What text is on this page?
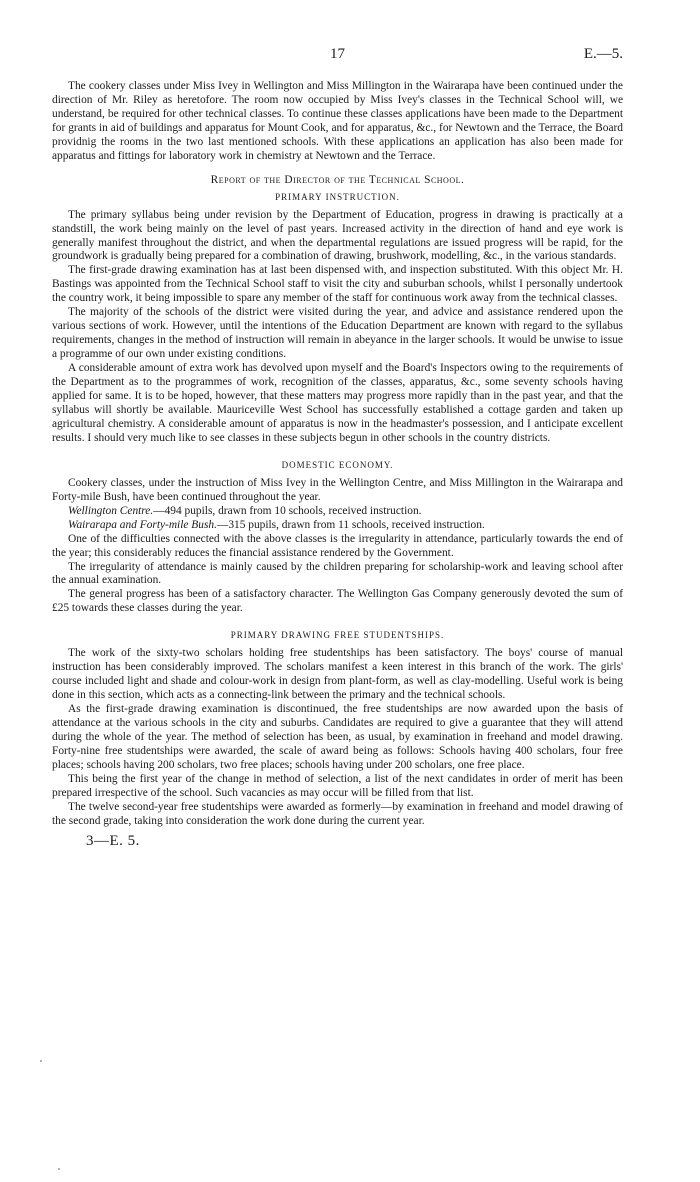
17	E.—5.

The cookery classes under Miss Ivey in Wellington and Miss Millington in the Wairarapa have been continued under the direction of Mr. Riley as heretofore. The room now occupied by Miss Ivey's classes in the Technical School will, we understand, be required for other technical classes. To continue these classes applications have been made to the Department for grants in aid of buildings and apparatus for Mount Cook, and for apparatus, &c., for Newtown and the Terrace, the Board providnig the rooms in the two last mentioned schools. With these applications an application has also been made for apparatus and fittings for laboratory work in chemistry at Newtown and the Terrace.

Report of the Director of the Technical School.
PRIMARY INSTRUCTION.

The primary syllabus being under revision by the Department of Education, progress in drawing is practically at a standstill, the work being mainly on the level of past years. Increased activity in the direction of hand and eye work is generally manifest throughout the district, and when the departmental regulations are issued progress will be rapid, for the groundwork is gradually being prepared for a combination of drawing, brushwork, modelling, &c., in the various standards.

The first-grade drawing examination has at last been dispensed with, and inspection substituted. With this object Mr. H. Bastings was appointed from the Technical School staff to visit the city and suburban schools, whilst I personally undertook the country work, it being impossible to spare any member of the staff for continuous work away from the technical classes.

The majority of the schools of the district were visited during the year, and advice and assistance rendered upon the various sections of work. However, until the intentions of the Education Department are known with regard to the syllabus requirements, changes in the method of instruction will remain in abeyance in the larger schools. It would be unwise to issue a programme of our own under existing conditions.

A considerable amount of extra work has devolved upon myself and the Board's Inspectors owing to the requirements of the Department as to the programmes of work, recognition of the classes, apparatus, &c., some seventy schools having applied for same. It is to be hoped, however, that these matters may progress more rapidly than in the past year, and that the syllabus will shortly be available. Mauriceville West School has successfully established a cottage garden and taken up agricultural chemistry. A considerable amount of apparatus is now in the headmaster's possession, and I anticipate excellent results. I should very much like to see classes in these subjects begun in other schools in the country districts.

DOMESTIC ECONOMY.

Cookery classes, under the instruction of Miss Ivey in the Wellington Centre, and Miss Millington in the Wairarapa and Forty-mile Bush, have been continued throughout the year.

Wellington Centre.—494 pupils, drawn from 10 schools, received instruction.

Wairarapa and Forty-mile Bush.—315 pupils, drawn from 11 schools, received instruction.

One of the difficulties connected with the above classes is the irregularity in attendance, particularly towards the end of the year; this considerably reduces the financial assistance rendered by the Government.

The irregularity of attendance is mainly caused by the children preparing for scholarship-work and leaving school after the annual examination.

The general progress has been of a satisfactory character. The Wellington Gas Company generously devoted the sum of £25 towards these classes during the year.

PRIMARY DRAWING FREE STUDENTSHIPS.

The work of the sixty-two scholars holding free studentships has been satisfactory. The boys' course of manual instruction has been considerably improved. The scholars manifest a keen interest in this branch of the work. The girls' course included light and shade and colour-work in design from plant-form, as well as clay-modelling. Useful work is being done in this section, which acts as a connecting-link between the primary and the technical schools.

As the first-grade drawing examination is discontinued, the free studentships are now awarded upon the basis of attendance at the various schools in the city and suburbs. Candidates are required to give a guarantee that they will attend during the whole of the year. The method of selection has been, as usual, by examination in freehand and model drawing. Forty-nine free studentships were awarded, the scale of award being as follows: Schools having 400 scholars, four free places; schools having 200 scholars, two free places; schools having under 200 scholars, one free place.

This being the first year of the change in method of selection, a list of the next candidates in order of merit has been prepared irrespective of the school. Such vacancies as may occur will be filled from that list.

The twelve second-year free studentships were awarded as formerly—by examination in freehand and model drawing of the second grade, taking into consideration the work done during the current year.

3—E. 5.
